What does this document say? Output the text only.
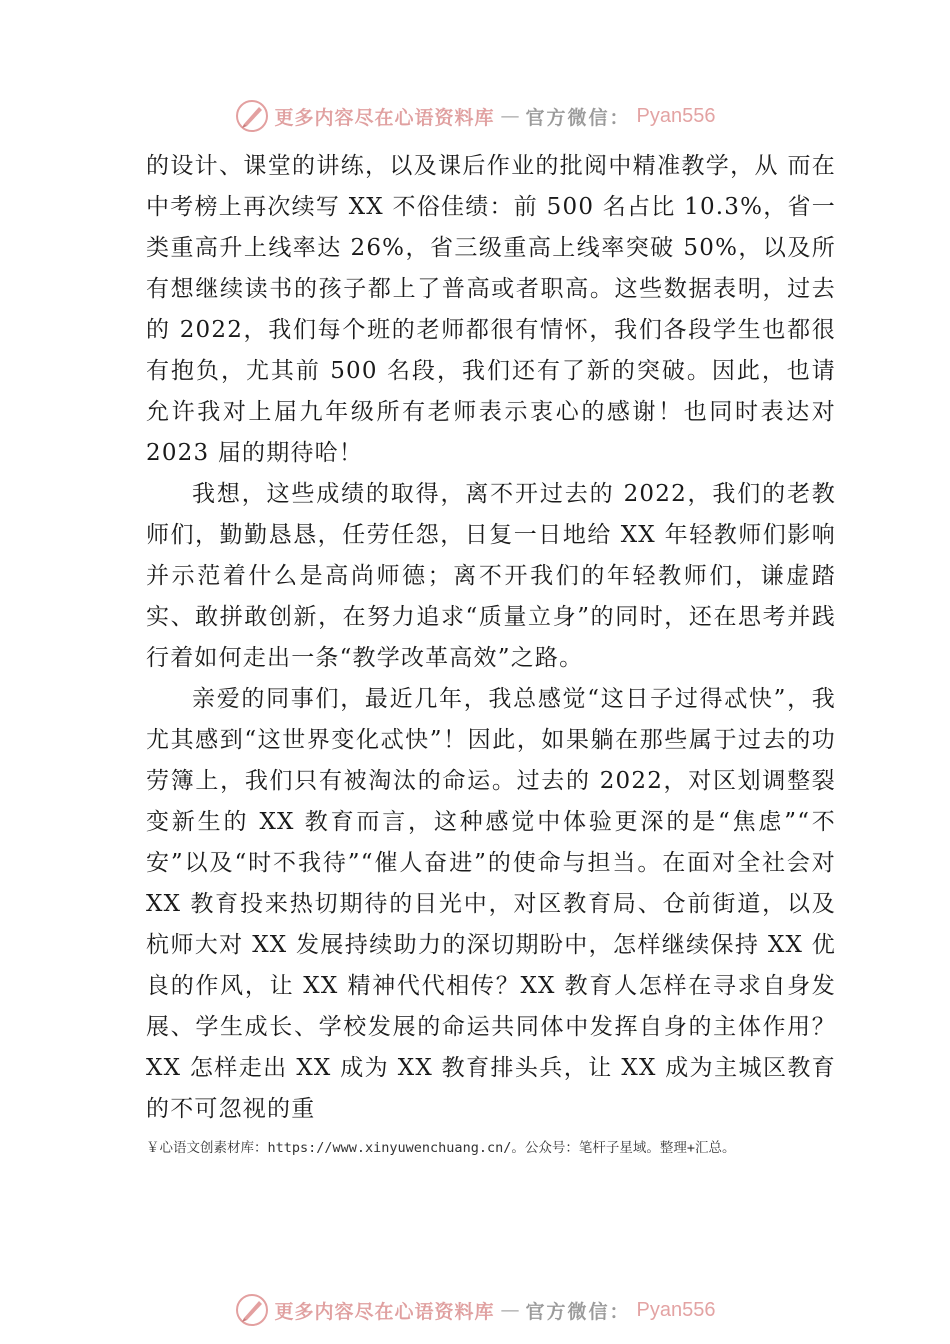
更多内容尽在心语资料库 — 官方微信： Pyan556

的设计、课堂的讲练，以及课后作业的批阅中精准教学，从 而在中考榜上再次续写 XX 不俗佳绩：前 500 名占比 10.3%，省一类重高升上线率达 26%，省三级重高上线率突破 50%，以及所有想继续读书的孩子都上了普高或者职高。这些数据表明，过去的 2022，我们每个班的老师都很有情怀，我们各段学生也都很有抱负，尤其前 500 名段，我们还有了新的突破。因此，也请允许我对上届九年级所有老师表示衷心的感谢！也同时表达对 2023 届的期待哈！

我想，这些成绩的取得，离不开过去的 2022，我们的老教师们，勤勤恳恳，任劳任怨，日复一日地给 XX 年轻教师们影响并示范着什么是高尚师德；离不开我们的年轻教师们，谦虚踏实、敢拼敢创新，在努力追求“质量立身”的同时，还在思考并践行着如何走出一条“教学改革高效”之路。

亲爱的同事们，最近几年，我总感觉“这日子过得忒快”，我尤其感到“这世界变化忒快”！因此，如果躺在那些属于过去的功劳簿上，我们只有被淘汰的命运。过去的 2022，对区划调整裂变新生的 XX 教育而言，这种感觉中体验更深的是“焦虑”“不安”以及“时不我待”“催人奋进”的使命与担当。在面对全社会对 XX 教育投来热切期待的目光中，对区教育局、仓前街道，以及杭师大对 XX 发展持续助力的深切期盼中，怎样继续保持 XX 优良的作风，让 XX 精神代代相传？XX 教育人怎样在寻求自身发展、学生成长、学校发展的命运共同体中发挥自身的主体作用？XX 怎样走出 XX 成为 XX 教育排头兵，让 XX 成为主城区教育的不可忽视的重

￥心语文创素材库：https://www.xinyuwenchuang.cn/。公众号：笔杆子星域。整理+汇总。
更多内容尽在心语资料库 — 官方微信： Pyan556
